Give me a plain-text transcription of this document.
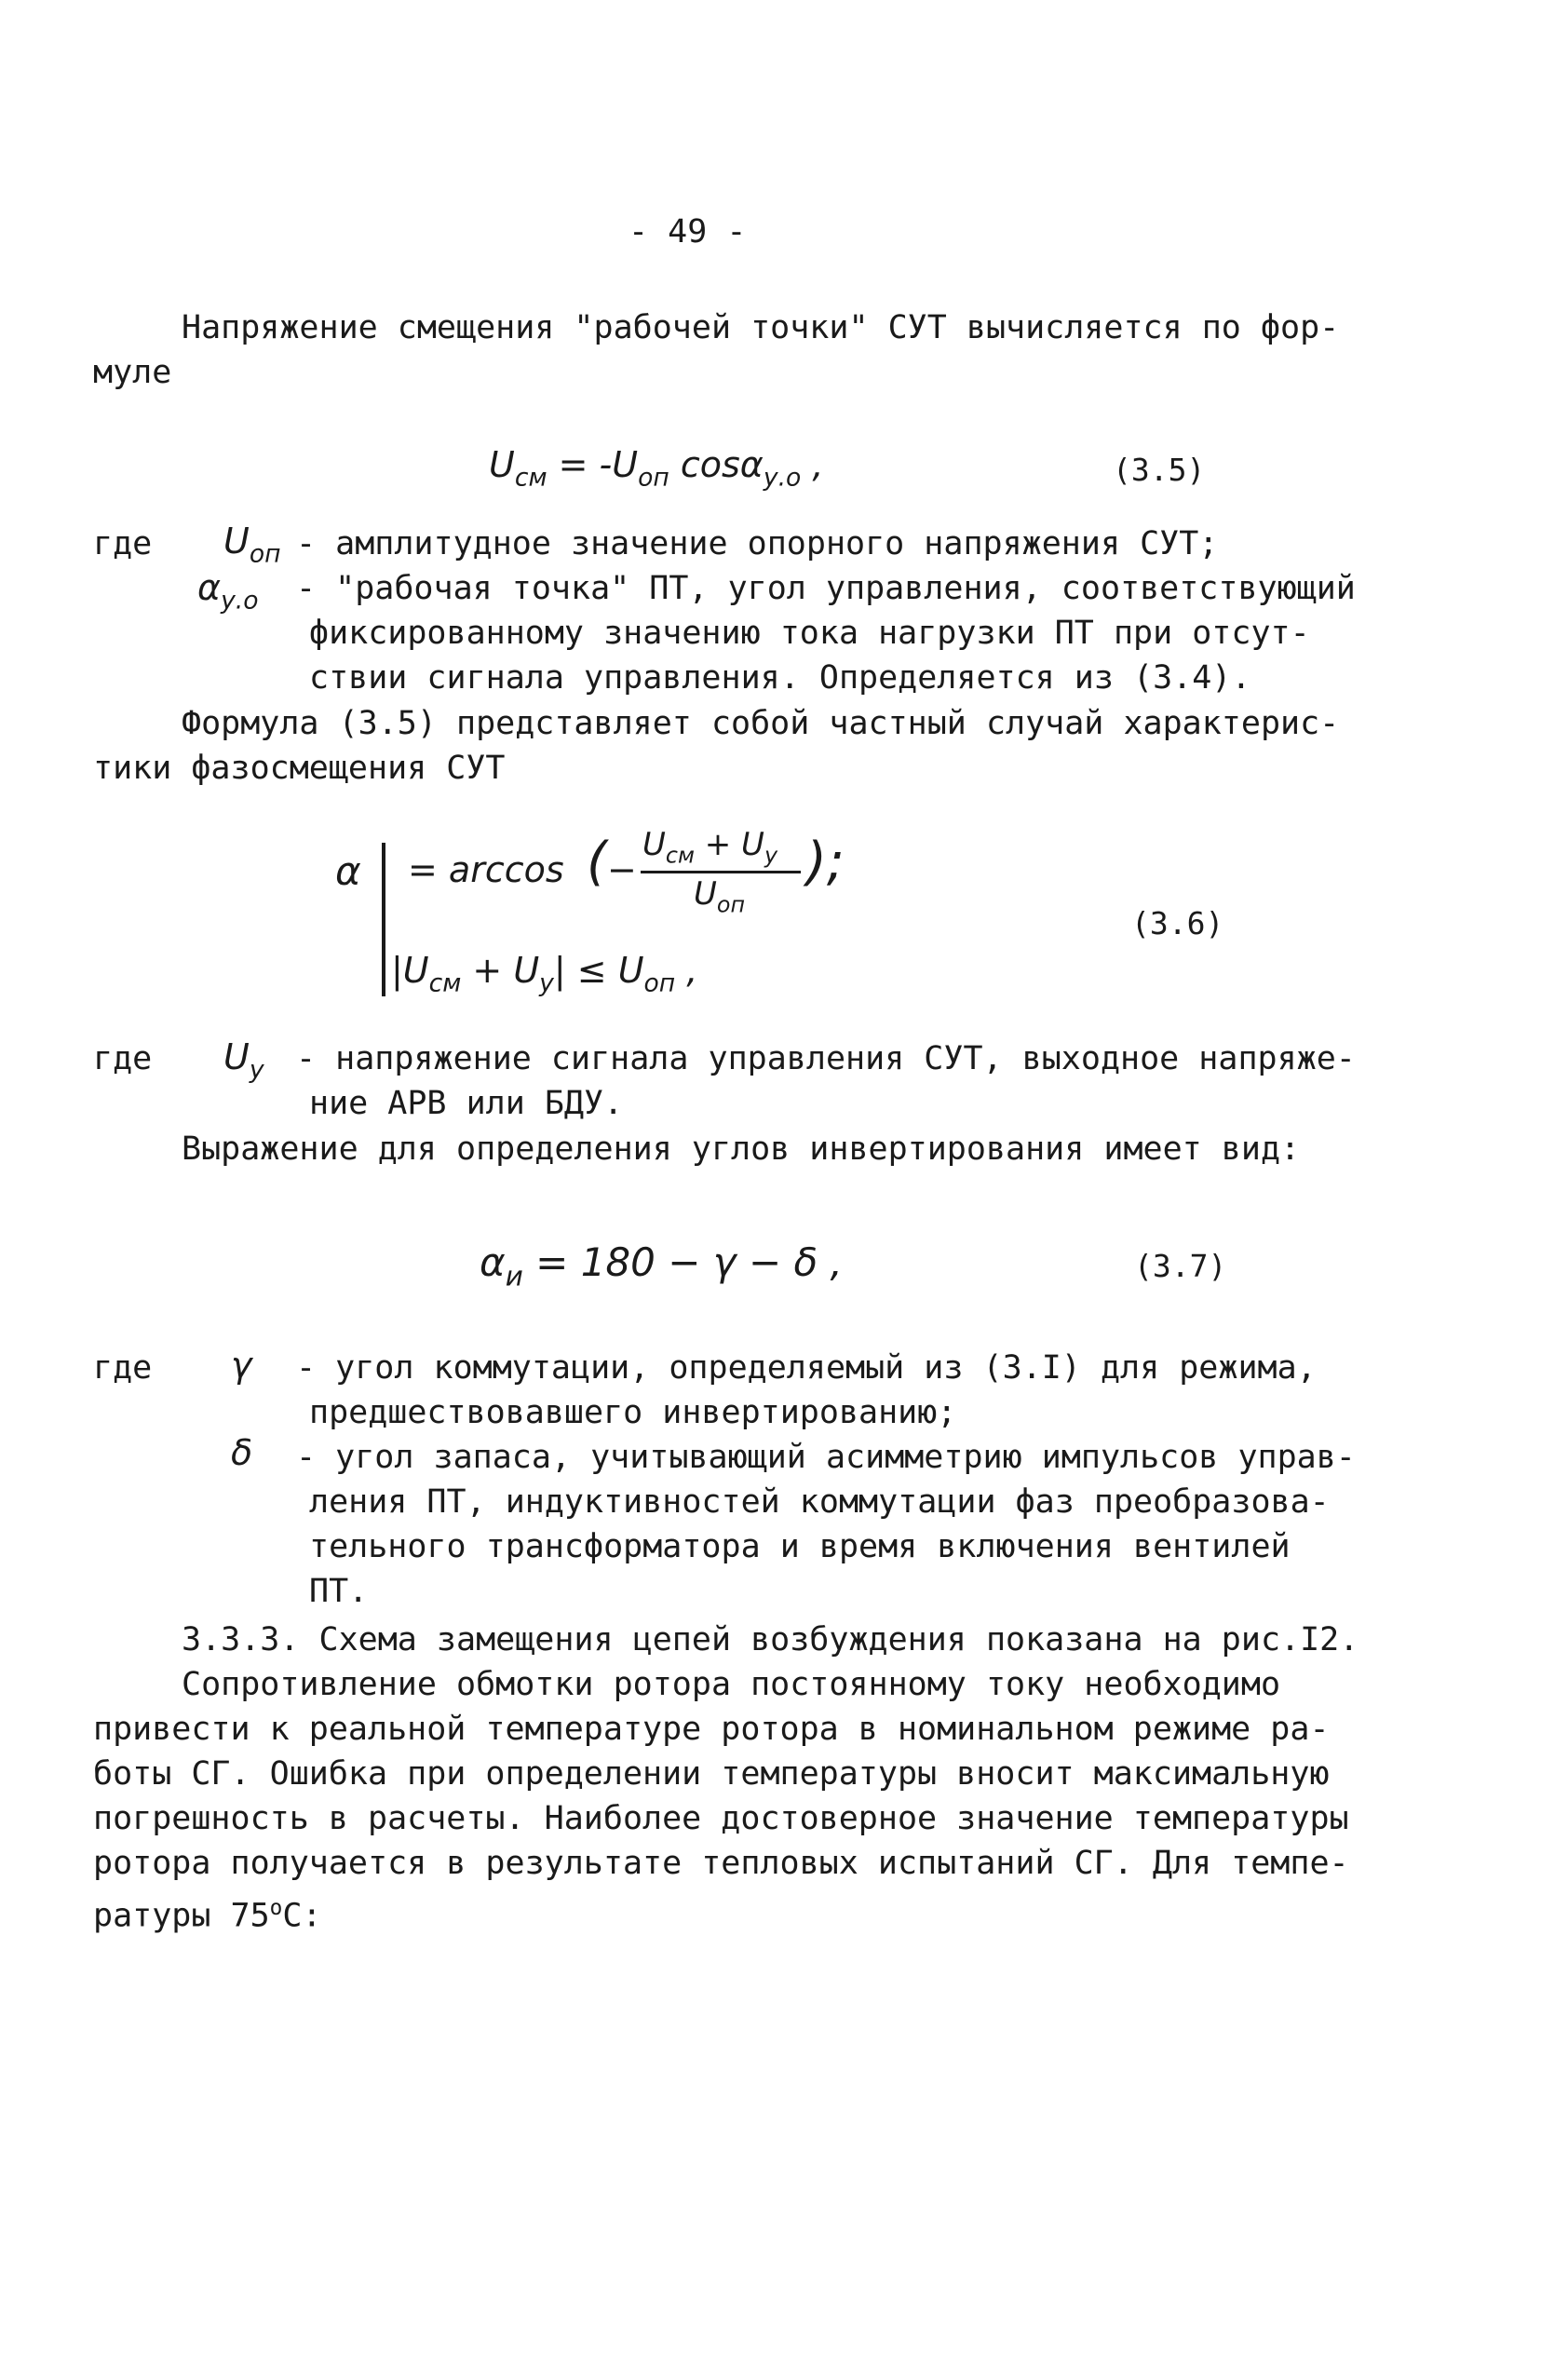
- 49 -
Напряжение смещения "рабочей точки" СУТ вычисляется по фор-
муле
$U_{см} = -U_{оп}$ cosα$_{у.о}$ ,	(3.5)
где $U_{оп}$ - амплитудное значение опорного напряжения СУТ;
$\alpha_{у.о}$ - "рабочая точка" ПТ, угол управления, соответствующий
фиксированному значению тока нагрузки ПТ при отсут-
ствии сигнала управления. Определяется из (3.4).
Формула (3.5) представляет собой частный случай характерис-
тики фазосмещения СУТ
α = arccos ( −
$U_{см} + U_у$
$U_{оп}$
);
$|U_{см} + U_у| \le U_{оп}$ ,
(3.6)
где $U_у$ - напряжение сигнала управления СУТ, выходное напряже-
ние АРВ или БДУ.
Выражение для определения углов инвертирования имеет вид:
$\alpha_и = 180 - \gamma - \delta$ ,	(3.7)
где γ - угол коммутации, определяемый из (3.I) для режима,
предшествовавшего инвертированию;
δ - угол запаса, учитывающий асимметрию импульсов управ-
ления ПТ, индуктивностей коммутации фаз преобразова-
тельного трансформатора и время включения вентилей
ПТ.
3.3.3. Схема замещения цепей возбуждения показана на рис.I2.
Сопротивление обмотки ротора постоянному току необходимо
привести к реальной температуре ротора в номинальном режиме ра-
боты СГ. Ошибка при определении температуры вносит максимальную
погрешность в расчеты. Наиболее достоверное значение температуры
ротора получается в результате тепловых испытаний СГ. Для темпе-
ратуры $75^оС$:
